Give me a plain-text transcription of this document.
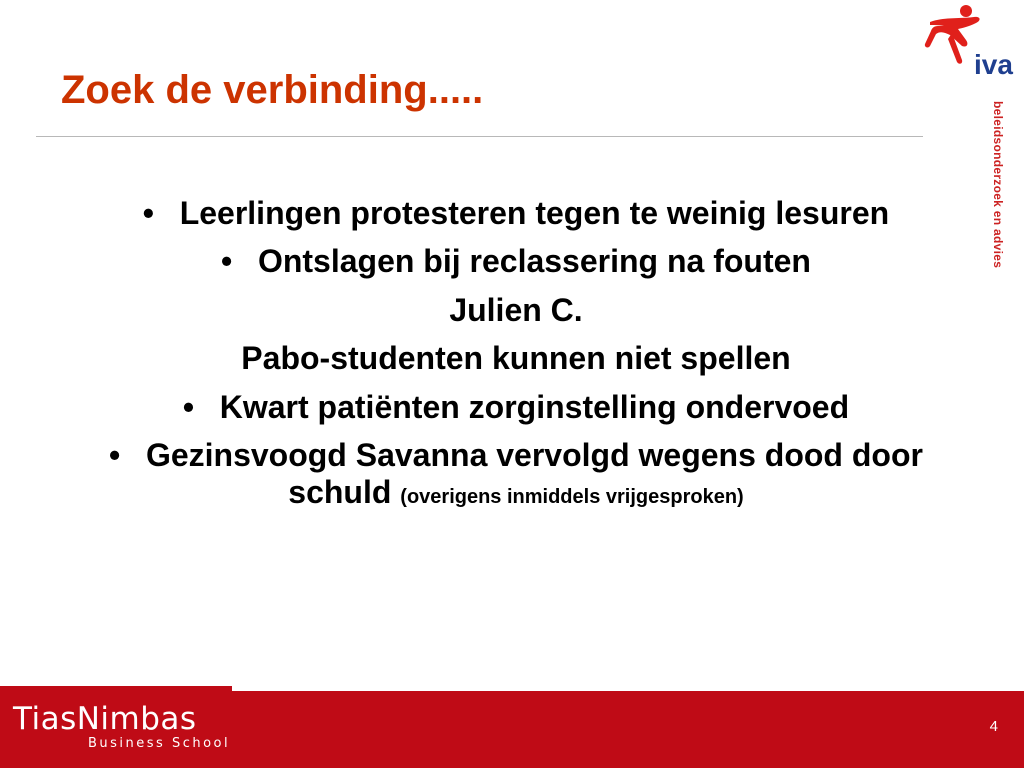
Zoek de verbinding.....
iva
beleidsonderzoek en advies
• Leerlingen protesteren tegen te weinig lesuren
• Ontslagen bij reclassering na fouten
Julien C.
Pabo-studenten kunnen niet spellen
• Kwart patiënten zorginstelling ondervoed
• Gezinsvoogd Savanna vervolgd wegens dood door schuld (overigens inmiddels vrijgesproken)
TiasNimbas
Business School
4
